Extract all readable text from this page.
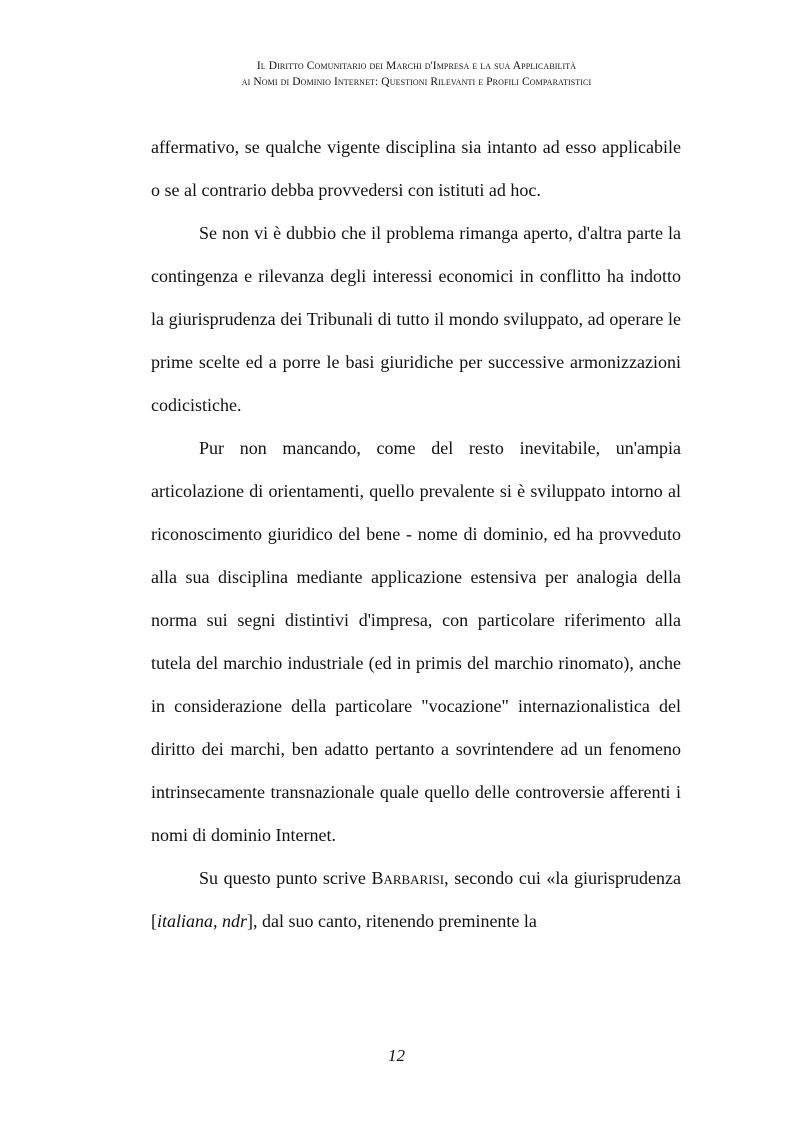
Il Diritto Comunitario dei Marchi d'Impresa e la sua Applicabilità
ai Nomi di Dominio Internet: Questioni Rilevanti e Profili Comparatistici

affermativo, se qualche vigente disciplina sia intanto ad esso applicabile o se al contrario debba provvedersi con istituti ad hoc.

Se non vi è dubbio che il problema rimanga aperto, d'altra parte la contingenza e rilevanza degli interessi economici in conflitto ha indotto la giurisprudenza dei Tribunali di tutto il mondo sviluppato, ad operare le prime scelte ed a porre le basi giuridiche per successive armonizzazioni codicistiche.

Pur non mancando, come del resto inevitabile, un'ampia articolazione di orientamenti, quello prevalente si è sviluppato intorno al riconoscimento giuridico del bene - nome di dominio, ed ha provveduto alla sua disciplina mediante applicazione estensiva per analogia della norma sui segni distintivi d'impresa, con particolare riferimento alla tutela del marchio industriale (ed in primis del marchio rinomato), anche in considerazione della particolare "vocazione" internazionalistica del diritto dei marchi, ben adatto pertanto a sovrintendere ad un fenomeno intrinsecamente transnazionale quale quello delle controversie afferenti i nomi di dominio Internet.

Su questo punto scrive Barbarisi, secondo cui «la giurisprudenza [italiana, ndr], dal suo canto, ritenendo preminente la

12
